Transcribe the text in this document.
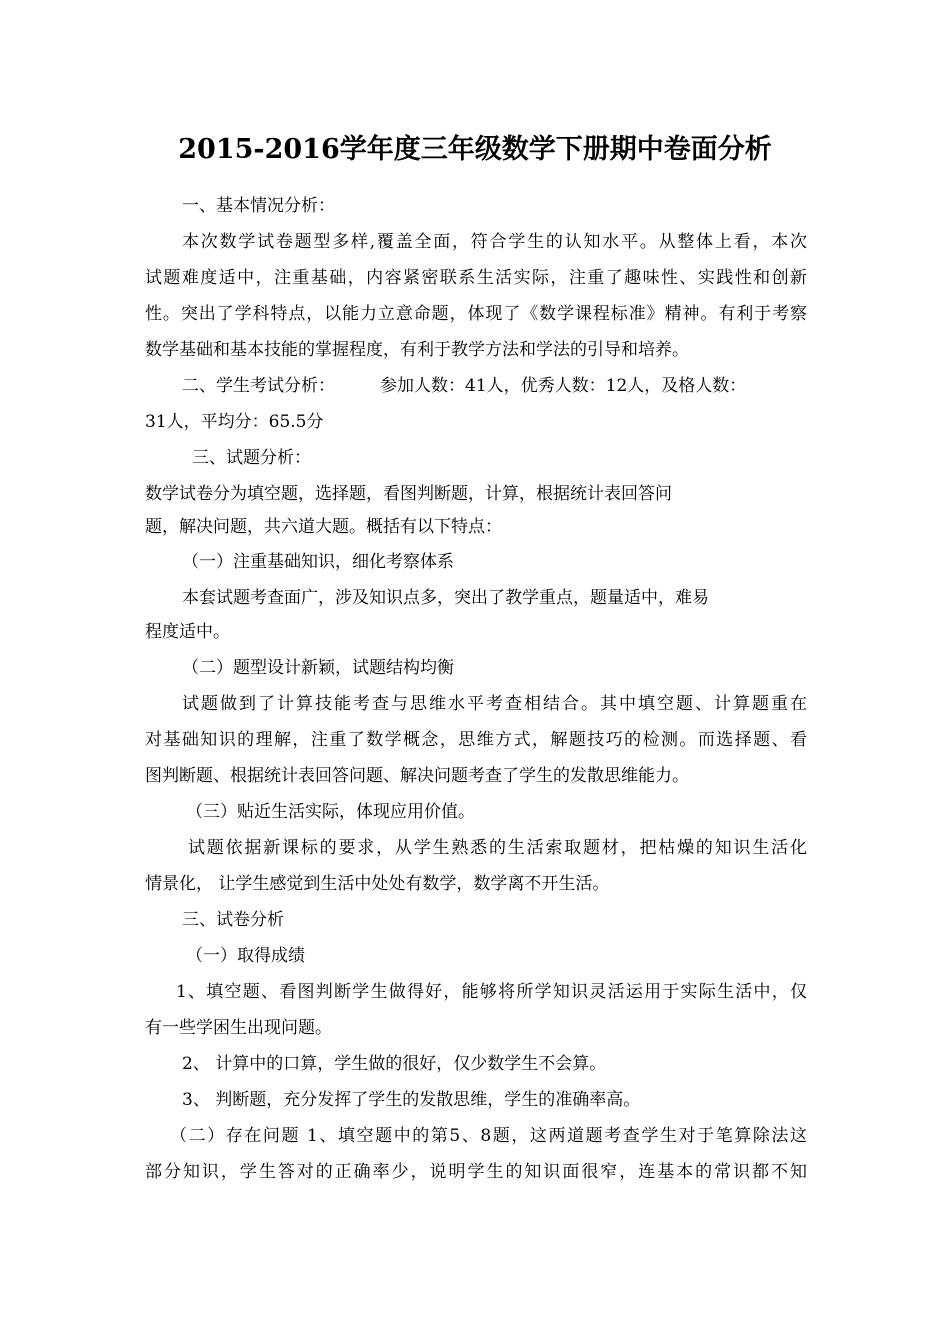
2015-2016学年度三年级数学下册期中卷面分析
一、基本情况分析：
本次数学试卷题型多样,覆盖全面，符合学生的认知水平。从整体上看，本次
试题难度适中，注重基础，内容紧密联系生活实际，注重了趣味性、实践性和创新
性。突出了学科特点，以能力立意命题，体现了《数学课程标准》精神。有利于考察
数学基础和基本技能的掌握程度，有利于教学方法和学法的引导和培养。
二、学生考试分析：	参加人数：41人，优秀人数：12人，及格人数：
31人，平均分：65.5分
三、试题分析：
数学试卷分为填空题，选择题，看图判断题，计算，根据统计表回答问
题，解决问题，共六道大题。概括有以下特点：
（一）注重基础知识，细化考察体系
本套试题考查面广，涉及知识点多，突出了教学重点，题量适中，难易
程度适中。
（二）题型设计新颖，试题结构均衡
试题做到了计算技能考查与思维水平考查相结合。其中填空题、计算题重在
对基础知识的理解，注重了数学概念，思维方式，解题技巧的检测。而选择题、看
图判断题、根据统计表回答问题、解决问题考查了学生的发散思维能力。
（三）贴近生活实际，体现应用价值。
试题依据新课标的要求，从学生熟悉的生活索取题材，把枯燥的知识生活化
情景化， 让学生感觉到生活中处处有数学，数学离不开生活。
三、试卷分析
（一）取得成绩
1、填空题、看图判断学生做得好，能够将所学知识灵活运用于实际生活中，仅
有一些学困生出现问题。
2、 计算中的口算，学生做的很好，仅少数学生不会算。
3、 判断题，充分发挥了学生的发散思维，学生的准确率高。
（二）存在问题 1、填空题中的第5、8题，这两道题考查学生对于笔算除法这
部分知识，学生答对的正确率少，说明学生的知识面很窄，连基本的常识都不知
